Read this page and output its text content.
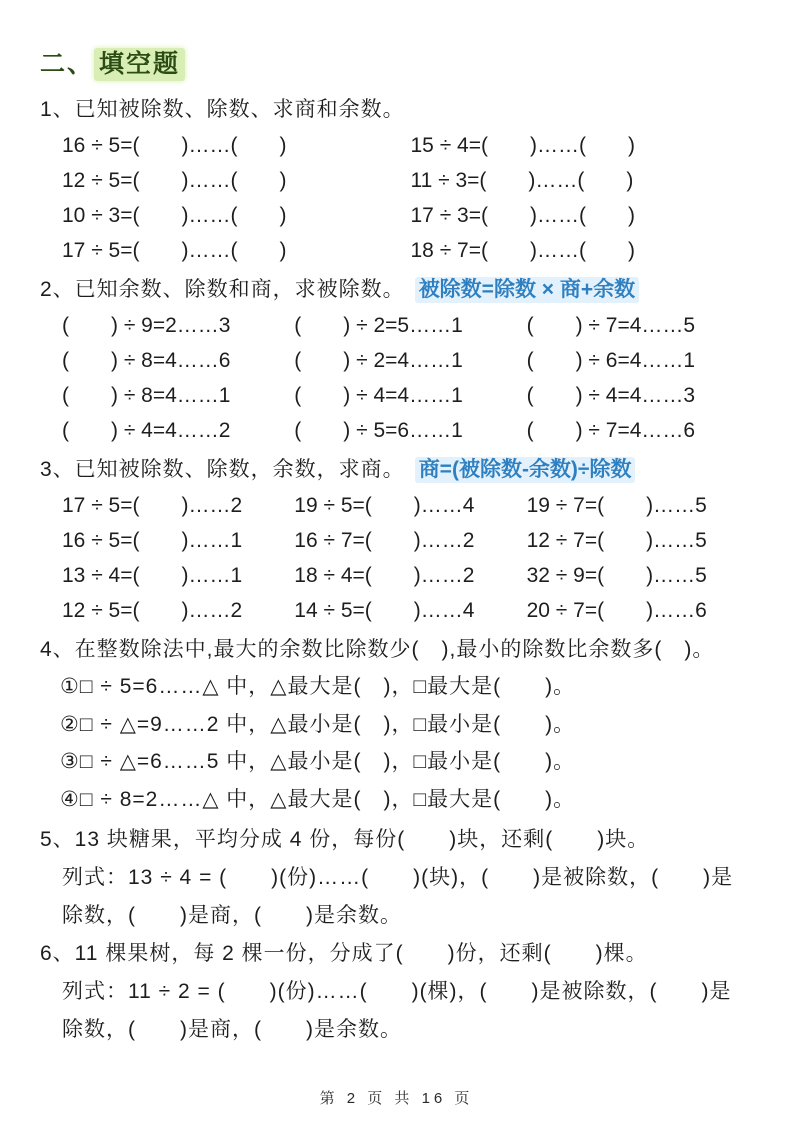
二、 填空题
1、已知被除数、除数、求商和余数。
16 ÷ 5=(　　)……(　　)	15 ÷ 4=(　　)……(　　)
12 ÷ 5=(　　)……(　　)	11 ÷ 3=(　　)……(　　)
10 ÷ 3=(　　)……(　　)	17 ÷ 3=(　　)……(　　)
17 ÷ 5=(　　)……(　　)	18 ÷ 7=(　　)……(　　)
2、已知余数、除数和商，求被除数。 被除数=除数 × 商+余数
(　　) ÷ 9=2……3	(　　) ÷ 2=5……1	(　　) ÷ 7=4……5
(　　) ÷ 8=4……6	(　　) ÷ 2=4……1	(　　) ÷ 6=4……1
(　　) ÷ 8=4……1	(　　) ÷ 4=4……1	(　　) ÷ 4=4……3
(　　) ÷ 4=4……2	(　　) ÷ 5=6……1	(　　) ÷ 7=4……6
3、已知被除数、除数，余数，求商。 商=(被除数-余数)÷除数
17 ÷ 5=(　　)……2	19 ÷ 5=(　　)……4	19 ÷ 7=(　　)……5
16 ÷ 5=(　　)……1	16 ÷ 7=(　　)……2	12 ÷ 7=(　　)……5
13 ÷ 4=(　　)……1	18 ÷ 4=(　　)……2	32 ÷ 9=(　　)……5
12 ÷ 5=(　　)……2	14 ÷ 5=(　　)……4	20 ÷ 7=(　　)……6
4、在整数除法中,最大的余数比除数少(　),最小的除数比余数多(　)。
①□ ÷ 5=6……△ 中，△最大是(　)，□最大是(　　)。
②□ ÷ △=9……2 中，△最小是(　)，□最小是(　　)。
③□ ÷ △=6……5 中，△最小是(　)，□最小是(　　)。
④□ ÷ 8=2……△ 中，△最大是(　)，□最大是(　　)。
5、13 块糖果，平均分成 4 份，每份(　　)块，还剩(　　)块。
列式：13 ÷ 4 = (　　)(份)……(　　)(块)，(　　)是被除数，(　　)是
除数，(　　)是商，(　　)是余数。
6、11 棵果树，每 2 棵一份，分成了(　　)份，还剩(　　)棵。
列式：11 ÷ 2 = (　　)(份)……(　　)(棵)，(　　)是被除数，(　　)是
除数，(　　)是商，(　　)是余数。
第 2 页 共 16 页
